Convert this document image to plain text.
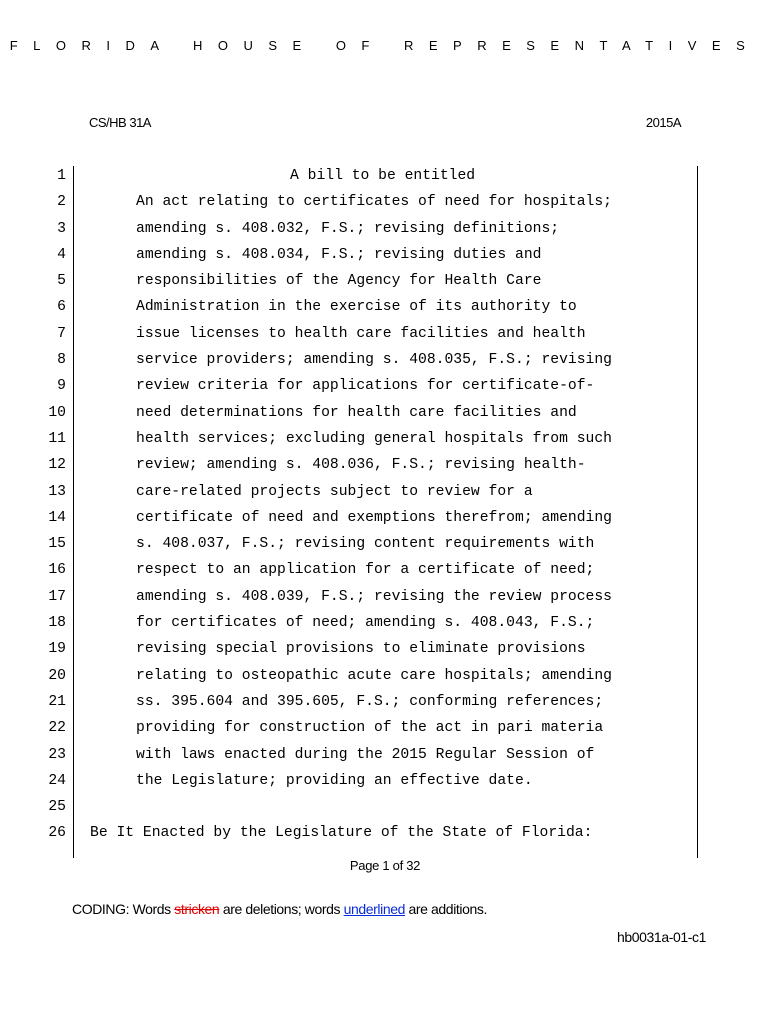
FLORIDA HOUSE OF REPRESENTATIVES
CS/HB 31A	2015A
1	A bill to be entitled
2	An act relating to certificates of need for hospitals;
3	amending s. 408.032, F.S.; revising definitions;
4	amending s. 408.034, F.S.; revising duties and
5	responsibilities of the Agency for Health Care
6	Administration in the exercise of its authority to
7	issue licenses to health care facilities and health
8	service providers; amending s. 408.035, F.S.; revising
9	review criteria for applications for certificate-of-
10	need determinations for health care facilities and
11	health services; excluding general hospitals from such
12	review; amending s. 408.036, F.S.; revising health-
13	care-related projects subject to review for a
14	certificate of need and exemptions therefrom; amending
15	s. 408.037, F.S.; revising content requirements with
16	respect to an application for a certificate of need;
17	amending s. 408.039, F.S.; revising the review process
18	for certificates of need; amending s. 408.043, F.S.;
19	revising special provisions to eliminate provisions
20	relating to osteopathic acute care hospitals; amending
21	ss. 395.604 and 395.605, F.S.; conforming references;
22	providing for construction of the act in pari materia
23	with laws enacted during the 2015 Regular Session of
24	the Legislature; providing an effective date.
25
26 Be It Enacted by the Legislature of the State of Florida:
Page 1 of 32
CODING: Words stricken are deletions; words underlined are additions.
hb0031a-01-c1
